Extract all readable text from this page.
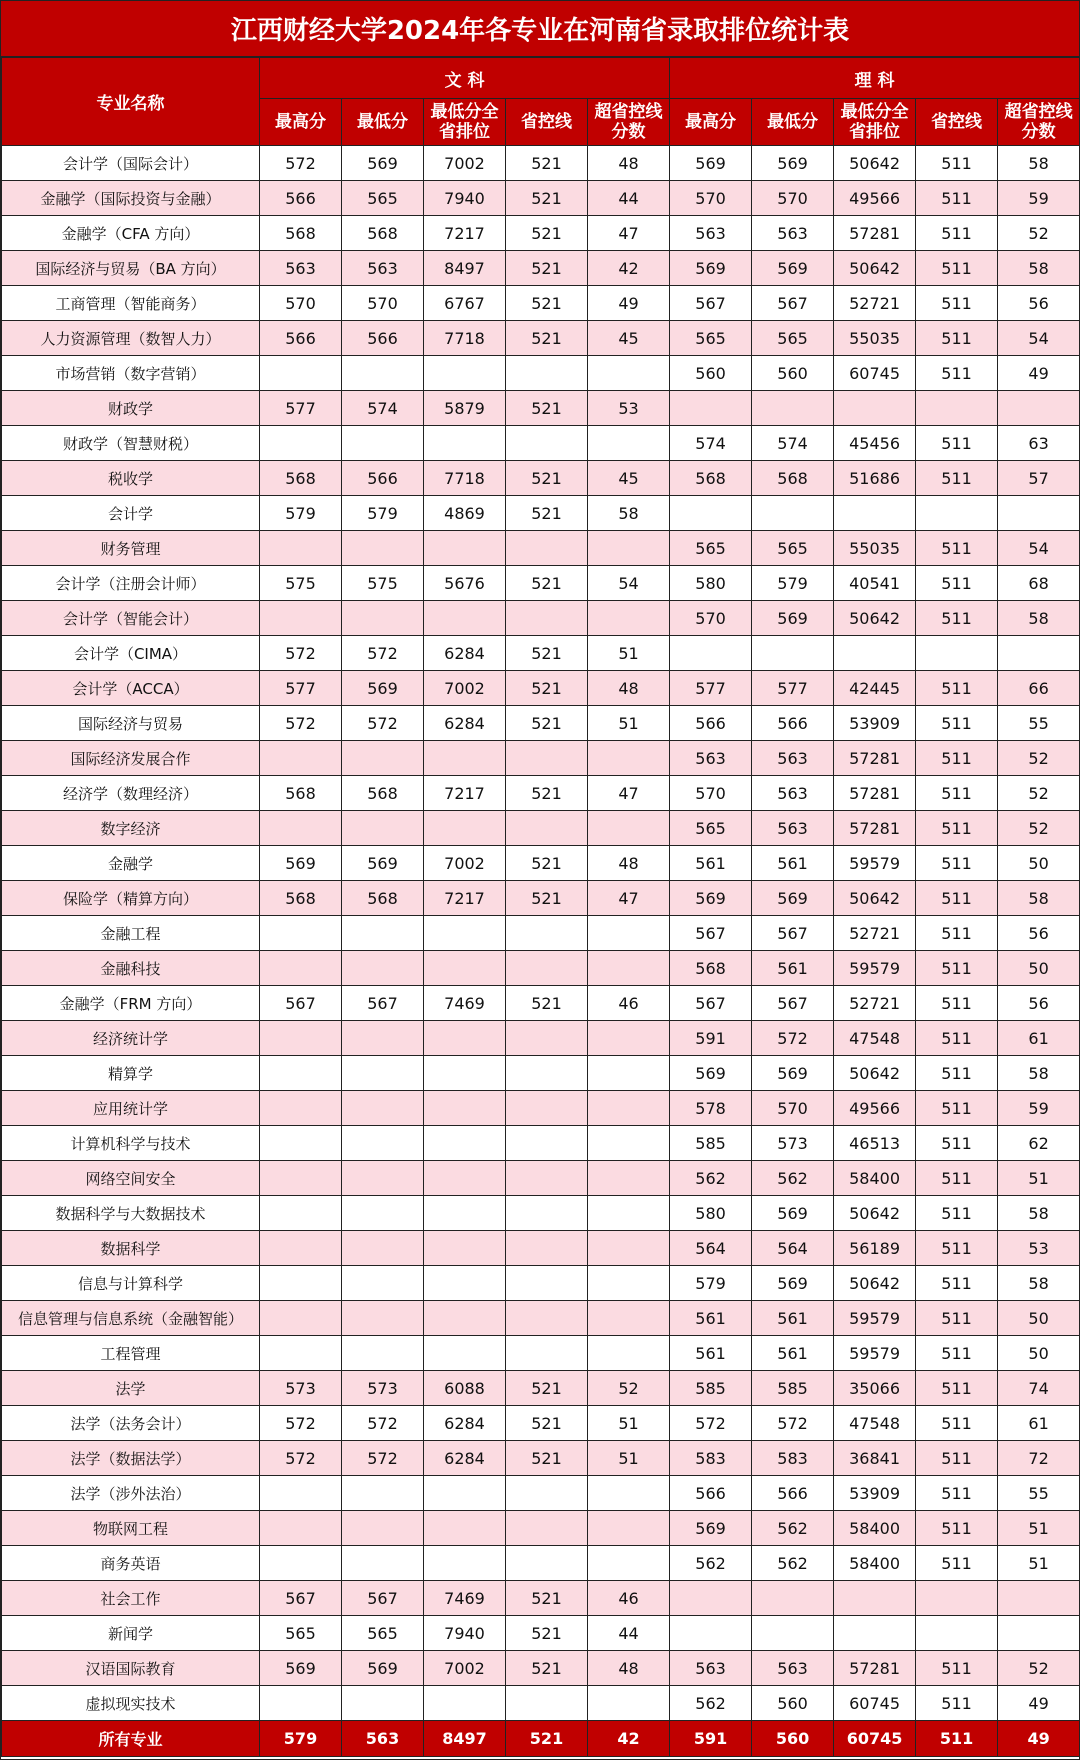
江西财经大学2024年各专业在河南省录取排位统计表
专业名称	文 科					理 科				
	最高分	最低分	最低分全省排位	省控线	超省控线分数	最高分	最低分	最低分全省排位	省控线	超省控线分数
会计学（国际会计）	572	569	7002	521	48	569	569	50642	511	58
金融学（国际投资与金融）	566	565	7940	521	44	570	570	49566	511	59
金融学（CFA 方向）	568	568	7217	521	47	563	563	57281	511	52
国际经济与贸易（BA 方向）	563	563	8497	521	42	569	569	50642	511	58
工商管理（智能商务）	570	570	6767	521	49	567	567	52721	511	56
人力资源管理（数智人力）	566	566	7718	521	45	565	565	55035	511	54
市场营销（数字营销）						560	560	60745	511	49
财政学	577	574	5879	521	53					
财政学（智慧财税）						574	574	45456	511	63
税收学	568	566	7718	521	45	568	568	51686	511	57
会计学	579	579	4869	521	58					
财务管理						565	565	55035	511	54
会计学（注册会计师）	575	575	5676	521	54	580	579	40541	511	68
会计学（智能会计）						570	569	50642	511	58
会计学（CIMA）	572	572	6284	521	51					
会计学（ACCA）	577	569	7002	521	48	577	577	42445	511	66
国际经济与贸易	572	572	6284	521	51	566	566	53909	511	55
国际经济发展合作						563	563	57281	511	52
经济学（数理经济）	568	568	7217	521	47	570	563	57281	511	52
数字经济						565	563	57281	511	52
金融学	569	569	7002	521	48	561	561	59579	511	50
保险学（精算方向）	568	568	7217	521	47	569	569	50642	511	58
金融工程						567	567	52721	511	56
金融科技						568	561	59579	511	50
金融学（FRM 方向）	567	567	7469	521	46	567	567	52721	511	56
经济统计学						591	572	47548	511	61
精算学						569	569	50642	511	58
应用统计学						578	570	49566	511	59
计算机科学与技术						585	573	46513	511	62
网络空间安全						562	562	58400	511	51
数据科学与大数据技术						580	569	50642	511	58
数据科学						564	564	56189	511	53
信息与计算科学						579	569	50642	511	58
信息管理与信息系统（金融智能）						561	561	59579	511	50
工程管理						561	561	59579	511	50
法学	573	573	6088	521	52	585	585	35066	511	74
法学（法务会计）	572	572	6284	521	51	572	572	47548	511	61
法学（数据法学）	572	572	6284	521	51	583	583	36841	511	72
法学（涉外法治）						566	566	53909	511	55
物联网工程						569	562	58400	511	51
商务英语						562	562	58400	511	51
社会工作	567	567	7469	521	46					
新闻学	565	565	7940	521	44					
汉语国际教育	569	569	7002	521	48	563	563	57281	511	52
虚拟现实技术						562	560	60745	511	49
所有专业	579	563	8497	521	42	591	560	60745	511	49
